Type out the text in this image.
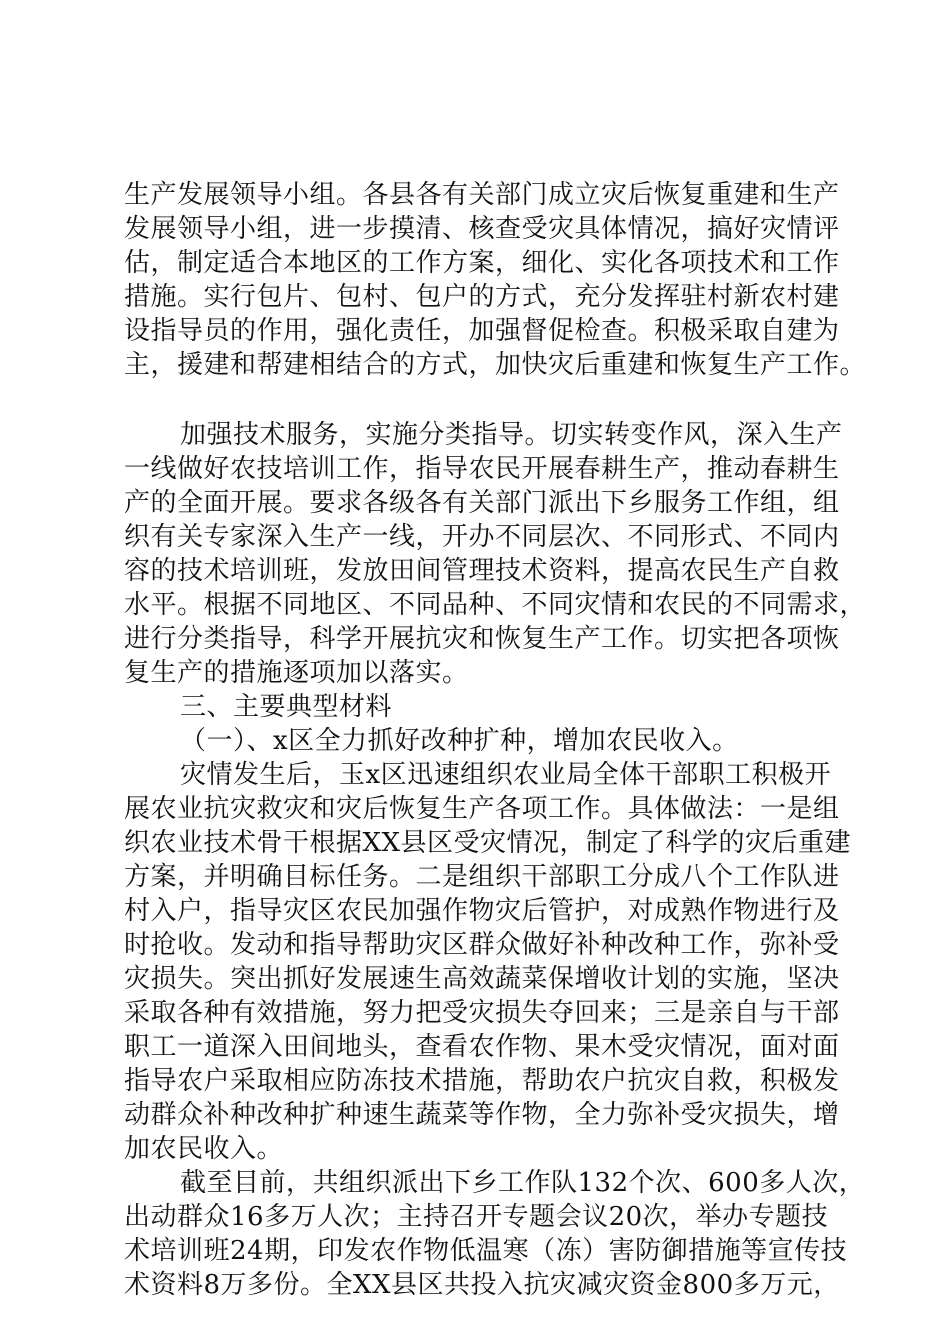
生产发展领导小组。各县各有关部门成立灾后恢复重建和生产
发展领导小组，进一步摸清、核查受灾具体情况，搞好灾情评
估，制定适合本地区的工作方案，细化、实化各项技术和工作
措施。实行包片、包村、包户的方式，充分发挥驻村新农村建
设指导员的作用，强化责任，加强督促检查。积极采取自建为
主，援建和帮建相结合的方式，加快灾后重建和恢复生产工作。
加强技术服务，实施分类指导。切实转变作风，深入生产
一线做好农技培训工作，指导农民开展春耕生产，推动春耕生
产的全面开展。要求各级各有关部门派出下乡服务工作组，组
织有关专家深入生产一线，开办不同层次、不同形式、不同内
容的技术培训班，发放田间管理技术资料，提高农民生产自救
水平。根据不同地区、不同品种、不同灾情和农民的不同需求，
进行分类指导，科学开展抗灾和恢复生产工作。切实把各项恢
复生产的措施逐项加以落实。
三、主要典型材料
（一）、x区全力抓好改种扩种，增加农民收入。
灾情发生后，玉x区迅速组织农业局全体干部职工积极开
展农业抗灾救灾和灾后恢复生产各项工作。具体做法：一是组
织农业技术骨干根据XX县区受灾情况，制定了科学的灾后重建
方案，并明确目标任务。二是组织干部职工分成八个工作队进
村入户，指导灾区农民加强作物灾后管护，对成熟作物进行及
时抢收。发动和指导帮助灾区群众做好补种改种工作，弥补受
灾损失。突出抓好发展速生高效蔬菜保增收计划的实施，坚决
采取各种有效措施，努力把受灾损失夺回来；三是亲自与干部
职工一道深入田间地头，查看农作物、果木受灾情况，面对面
指导农户采取相应防冻技术措施，帮助农户抗灾自救，积极发
动群众补种改种扩种速生蔬菜等作物，全力弥补受灾损失，增
加农民收入。
截至目前，共组织派出下乡工作队132个次、600多人次，
出动群众16多万人次；主持召开专题会议20次，举办专题技
术培训班24期，印发农作物低温寒（冻）害防御措施等宣传技
术资料8万多份。全XX县区共投入抗灾减灾资金800多万元，
